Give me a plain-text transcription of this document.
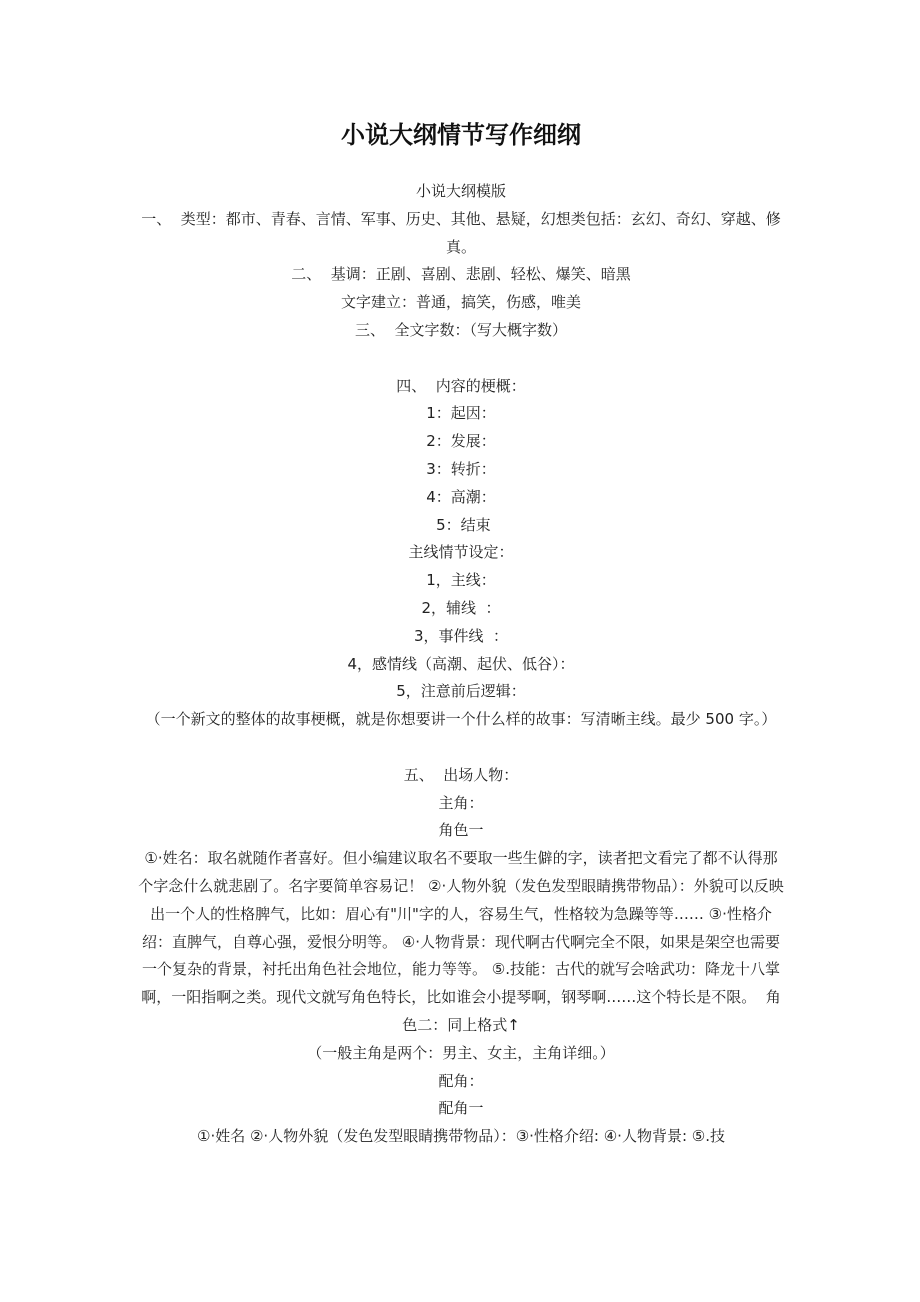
小说大纲情节写作细纲

小说大纲模版

一、  类型：都市、青春、言情、军事、历史、其他、悬疑，幻想类包括：玄幻、奇幻、穿越、修真。

二、  基调：正剧、喜剧、悲剧、轻松、爆笑、暗黑

文字建立：普通，搞笑，伤感，唯美

三、  全文字数：（写大概字数）

四、  内容的梗概：

1：起因：

2：发展：

3：转折：

4：高潮：

5：结束

主线情节设定：

1，主线：

2，辅线  ：

3，事件线  ：

4，感情线（高潮、起伏、低谷）：

5，注意前后逻辑：

（一个新文的整体的故事梗概，就是你想要讲一个什么样的故事：写清晰主线。最少 500 字。）

五、  出场人物：

主角：

角色一

①·姓名：取名就随作者喜好。但小编建议取名不要取一些生僻的字，读者把文看完了都不认得那个字念什么就悲剧了。名字要简单容易记！ ②·人物外貌（发色发型眼睛携带物品）：外貌可以反映出一个人的性格脾气，比如：眉心有"川"字的人，容易生气，性格较为急躁等等…… ③·性格介绍：直脾气，自尊心强，爱恨分明等。 ④·人物背景：现代啊古代啊完全不限，如果是架空也需要一个复杂的背景，衬托出角色社会地位，能力等等。 ⑤.技能：古代的就写会啥武功：降龙十八掌啊，一阳指啊之类。现代文就写角色特长，比如谁会小提琴啊，钢琴啊……这个特长是不限。  角色二：同上格式↑

（一般主角是两个：男主、女主，主角详细。）

配角：

配角一

①·姓名 ②·人物外貌（发色发型眼睛携带物品）：③·性格介绍: ④·人物背景: ⑤.技
